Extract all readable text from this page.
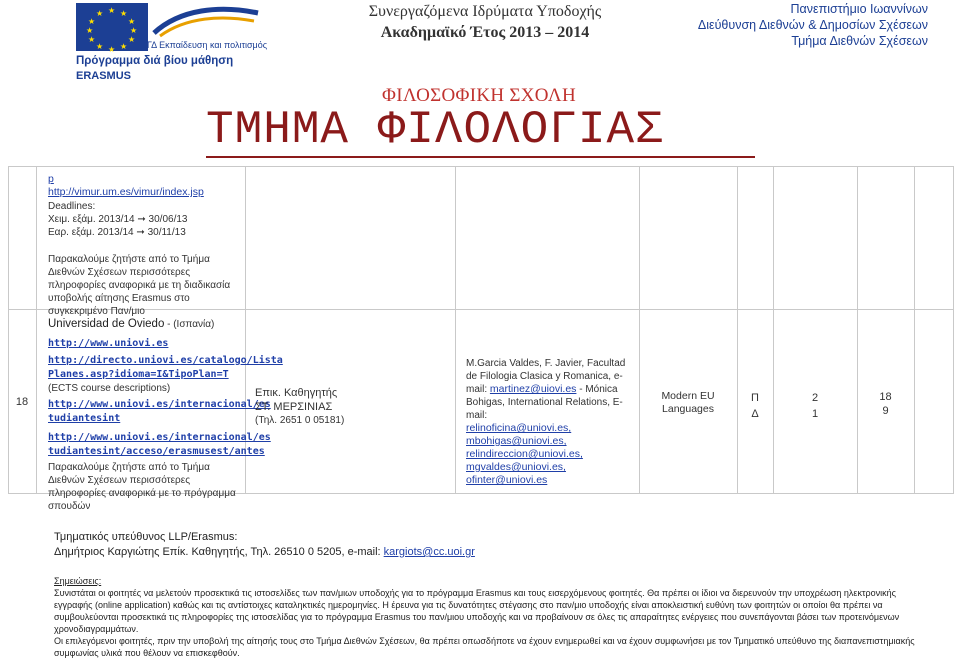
★ ★
★
★
★
★
★
★
★
★
★
★
ΓΔ Εκπαίδευση και πολιτισμός
Πρόγραμμα διά βίου μάθηση
ERASMUS
Συνεργαζόμενα Ιδρύματα Υποδοχής
Ακαδημαϊκό Έτος 2013 – 2014
Πανεπιστήμιο Ιωαννίνων
Διεύθυνση Διεθνών & Δημοσίων Σχέσεων
Τμήμα Διεθνών Σχέσεων
ΦΙΛΟΣΟΦΙΚΗ ΣΧΟΛΗ
ΤΜΗΜΑ ΦΙΛΟΛΟΓΙΑΣ
p
http://vimur.um.es/vimur/index.jsp
Deadlines:
Χειμ. εξάμ. 2013/14 ➞ 30/06/13
Εαρ. εξάμ. 2013/14 ➞ 30/11/13
Παρακαλούμε ζητήστε από το Τμήμα Διεθνών Σχέσεων περισσότερες πληροφορίες αναφορικά με τη διαδικασία υποβολής αίτησης Erasmus στο συγκεκριμένο Παν/μιο
18
Universidad de Oviedo - (Ισπανία)
http://www.uniovi.es
http://directo.uniovi.es/catalogo/Lista
Planes.asp?idioma=I&TipoPlan=T (ECTS course descriptions)
http://www.uniovi.es/internacional/es
tudiantesint
http://www.uniovi.es/internacional/es
tudiantesint/acceso/erasmusest/antes
Παρακαλούμε ζητήστε από το Τμήμα Διεθνών Σχέσεων περισσότερες πληροφορίες αναφορικά με το πρόγραμμα σπουδών
Επικ. Καθηγητής
ΣΤ. ΜΕΡΣΙΝΙΑΣ
(Τηλ. 2651 0 05181)
M.Garcia Valdes, F. Javier, Facultad de Filologia Clasica y Romanica, e-mail: martinez@uiovi.es - Mónica Bohigas, International Relations, E-mail:
relinoficina@uniovi.es,
mbohigas@uniovi.es,
relindireccion@uniovi.es,
mgvaldes@uniovi.es, ofinter@uniovi.es
Modern EU
Languages
Π
Δ
2
1
18
9
Τμηματικός υπεύθυνος LLP/Erasmus:
Δημήτριος Καργιώτης Επίκ. Καθηγητής, Τηλ. 26510 0 5205, e-mail: kargiots@cc.uoi.gr
Σημειώσεις:
Συνιστάται οι φοιτητές να μελετούν προσεκτικά τις ιστοσελίδες των παν/μιων υποδοχής για το πρόγραμμα Erasmus και τους εισερχόμενους φοιτητές. Θα πρέπει οι ίδιοι να διερευνούν την υποχρέωση ηλεκτρονικής εγγραφής (online application) καθώς και τις αντίστοιχες καταληκτικές ημερομηνίες. Η έρευνα για τις δυνατότητες στέγασης στο παν/μιο υποδοχής είναι αποκλειστική ευθύνη των φοιτητών οι οποίοι θα πρέπει να συμβουλεύονται προσεκτικά τις πληροφορίες της ιστοσελίδας για το πρόγραμμα Erasmus του παν/μιου υποδοχής και να προβαίνουν σε όλες τις απαραίτητες ενέργειες που συνεπάγονται βάσει των προτεινόμενων χρονοδιαγραμμάτων.
Οι επιλεγόμενοι φοιτητές, πριν την υποβολή της αίτησής τους στο Τμήμα Διεθνών Σχέσεων, θα πρέπει οπωσδήποτε να έχουν ενημερωθεί και να έχουν συμφωνήσει με τον Τμηματικό υπεύθυνο της διαπανεπιστημιακής συμφωνίας υλικά που θέλουν να επισκεφθούν.
